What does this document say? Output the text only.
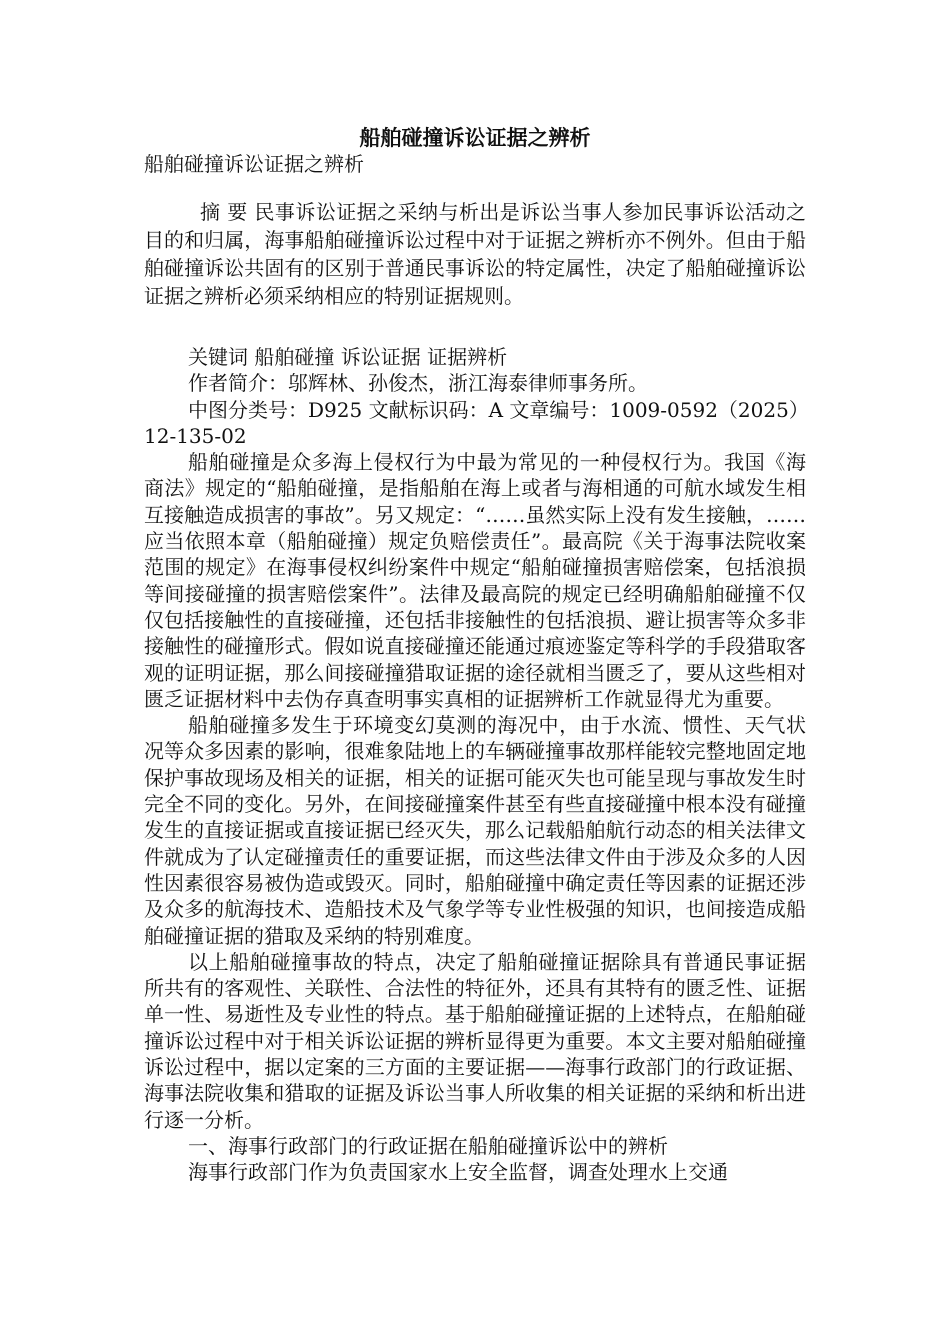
船舶碰撞诉讼证据之辨析
船舶碰撞诉讼证据之辨析

摘 要 民事诉讼证据之采纳与析出是诉讼当事人参加民事诉讼活动之目的和归属，海事船舶碰撞诉讼过程中对于证据之辨析亦不例外。但由于船舶碰撞诉讼共固有的区别于普通民事诉讼的特定属性，决定了船舶碰撞诉讼证据之辨析必须采纳相应的特别证据规则。

关键词 船舶碰撞 诉讼证据 证据辨析

作者简介：邬辉林、孙俊杰，浙江海泰律师事务所。

中图分类号：D925 文献标识码：A 文章编号：1009-0592（2025）12-135-02

船舶碰撞是众多海上侵权行为中最为常见的一种侵权行为。我国《海商法》规定的“船舶碰撞，是指船舶在海上或者与海相通的可航水域发生相互接触造成损害的事故”。另又规定：“……虽然实际上没有发生接触，……应当依照本章（船舶碰撞）规定负赔偿责任”。最高院《关于海事法院收案范围的规定》在海事侵权纠纷案件中规定“船舶碰撞损害赔偿案，包括浪损等间接碰撞的损害赔偿案件”。法律及最高院的规定已经明确船舶碰撞不仅仅包括接触性的直接碰撞，还包括非接触性的包括浪损、避让损害等众多非接触性的碰撞形式。假如说直接碰撞还能通过痕迹鉴定等科学的手段猎取客观的证明证据，那么间接碰撞猎取证据的途径就相当匮乏了，要从这些相对匮乏证据材料中去伪存真查明事实真相的证据辨析工作就显得尤为重要。

船舶碰撞多发生于环境变幻莫测的海况中，由于水流、惯性、天气状况等众多因素的影响，很难象陆地上的车辆碰撞事故那样能较完整地固定地保护事故现场及相关的证据，相关的证据可能灭失也可能呈现与事故发生时完全不同的变化。另外，在间接碰撞案件甚至有些直接碰撞中根本没有碰撞发生的直接证据或直接证据已经灭失，那么记载船舶航行动态的相关法律文件就成为了认定碰撞责任的重要证据，而这些法律文件由于涉及众多的人因性因素很容易被伪造或毁灭。同时，船舶碰撞中确定责任等因素的证据还涉及众多的航海技术、造船技术及气象学等专业性极强的知识，也间接造成船舶碰撞证据的猎取及采纳的特别难度。

以上船舶碰撞事故的特点，决定了船舶碰撞证据除具有普通民事证据所共有的客观性、关联性、合法性的特征外，还具有其特有的匮乏性、证据单一性、易逝性及专业性的特点。基于船舶碰撞证据的上述特点，在船舶碰撞诉讼过程中对于相关诉讼证据的辨析显得更为重要。本文主要对船舶碰撞诉讼过程中，据以定案的三方面的主要证据——海事行政部门的行政证据、海事法院收集和猎取的证据及诉讼当事人所收集的相关证据的采纳和析出进行逐一分析。

一、海事行政部门的行政证据在船舶碰撞诉讼中的辨析

海事行政部门作为负责国家水上安全监督，调查处理水上交通
